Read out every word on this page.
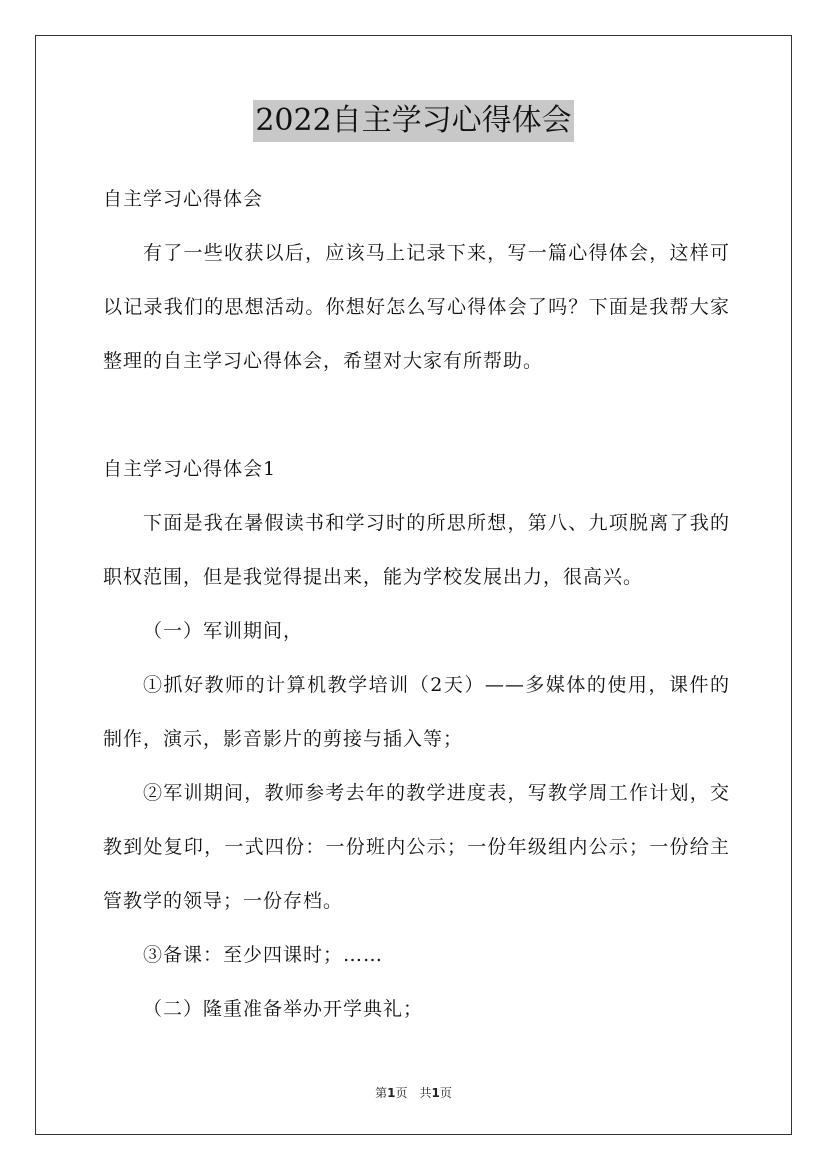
2022自主学习心得体会

自主学习心得体会

有了一些收获以后，应该马上记录下来，写一篇心得体会，这样可以记录我们的思想活动。你想好怎么写心得体会了吗？下面是我帮大家整理的自主学习心得体会，希望对大家有所帮助。

自主学习心得体会1

下面是我在暑假读书和学习时的所思所想，第八、九项脱离了我的职权范围，但是我觉得提出来，能为学校发展出力，很高兴。

（一）军训期间，

①抓好教师的计算机教学培训（2天）——多媒体的使用，课件的制作，演示，影音影片的剪接与插入等；

②军训期间，教师参考去年的教学进度表，写教学周工作计划，交教到处复印，一式四份：一份班内公示；一份年级组内公示；一份给主管教学的领导；一份存档。

③备课：至少四课时；……

（二）隆重准备举办开学典礼；

第1页　共1页
